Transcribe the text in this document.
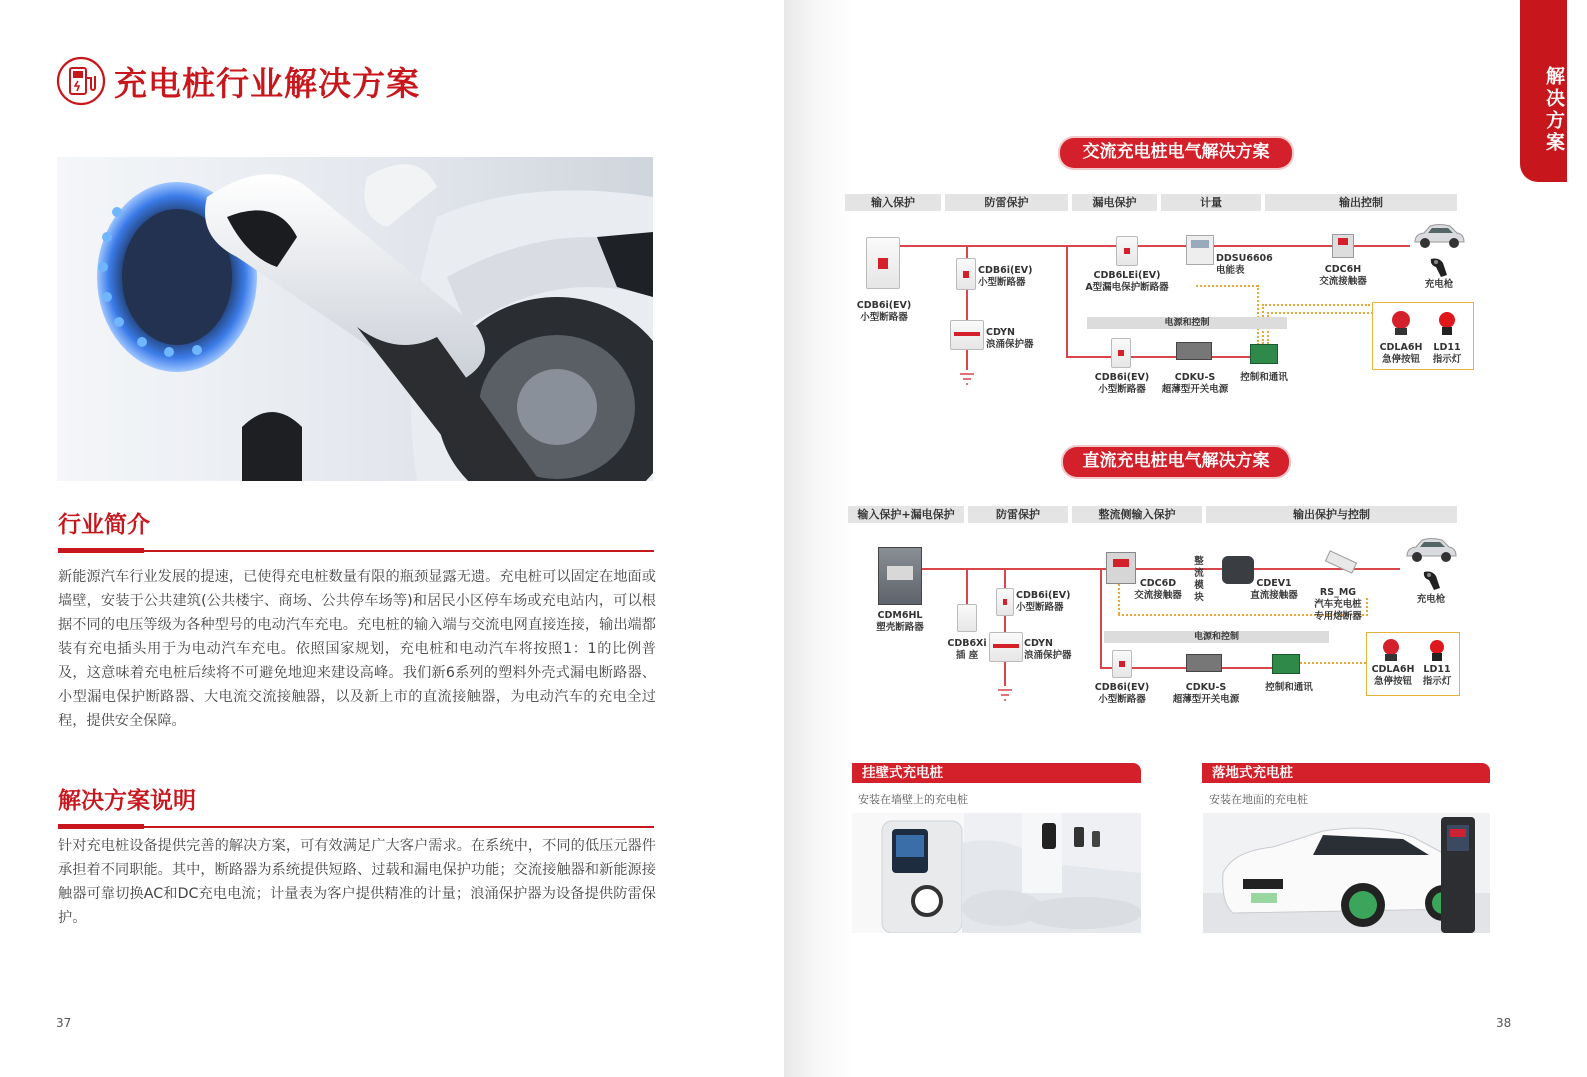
充电桩行业解决方案
行业简介
新能源汽车行业发展的提速，已使得充电桩数量有限的瓶颈显露无遗。充电桩可以固定在地面或墙壁，安装于公共建筑(公共楼宇、商场、公共停车场等)和居民小区停车场或充电站内，可以根据不同的电压等级为各种型号的电动汽车充电。充电桩的输入端与交流电网直接连接，输出端都装有充电插头用于为电动汽车充电。依照国家规划，充电桩和电动汽车将按照1：1的比例普及，这意味着充电桩后续将不可避免地迎来建设高峰。我们新6系列的塑料外壳式漏电断路器、小型漏电保护断路器、大电流交流接触器，以及新上市的直流接触器，为电动汽车的充电全过程，提供安全保障。
解决方案说明
针对充电桩设备提供完善的解决方案，可有效满足广大客户需求。在系统中，不同的低压元器件承担着不同职能。其中，断路器为系统提供短路、过载和漏电保护功能；交流接触器和新能源接触器可靠切换AC和DC充电电流；计量表为客户提供精准的计量；浪涌保护器为设备提供防雷保护。
37
解决方案
交流充电桩电气解决方案
输入保护	防雷保护	漏电保护	计量	输出控制
CDB6i(EV)
小型断路器
CDB6i(EV)
小型断路器
CDYN
浪涌保护器
CDB6LEi(EV)
A型漏电保护断路器
DDSU6606
电能表	CDC6H
交流接触器	充电枪
电源和控制
CDB6i(EV)
小型断路器
CDKU-S
超薄型开关电源
控制和通讯
CDLA6H
急停按钮
LD11
指示灯
直流充电桩电气解决方案
输入保护+漏电保护	防雷保护	整流侧输入保护	输出保护与控制
CDM6HL
塑壳断路器
CDB6Xi
插 座
CDB6i(EV)
小型断路器
CDYN
浪涌保护器
CDC6D
交流接触器
整流模块
CDEV1
直流接触器	RS_MG
汽车充电桩
专用熔断器
充电枪
电源和控制
CDB6i(EV)
小型断路器
CDKU-S
超薄型开关电源
控制和通讯
CDLA6H
急停按钮
LD11
指示灯
挂壁式充电桩
安装在墙壁上的充电桩
落地式充电桩
安装在地面的充电桩
38
